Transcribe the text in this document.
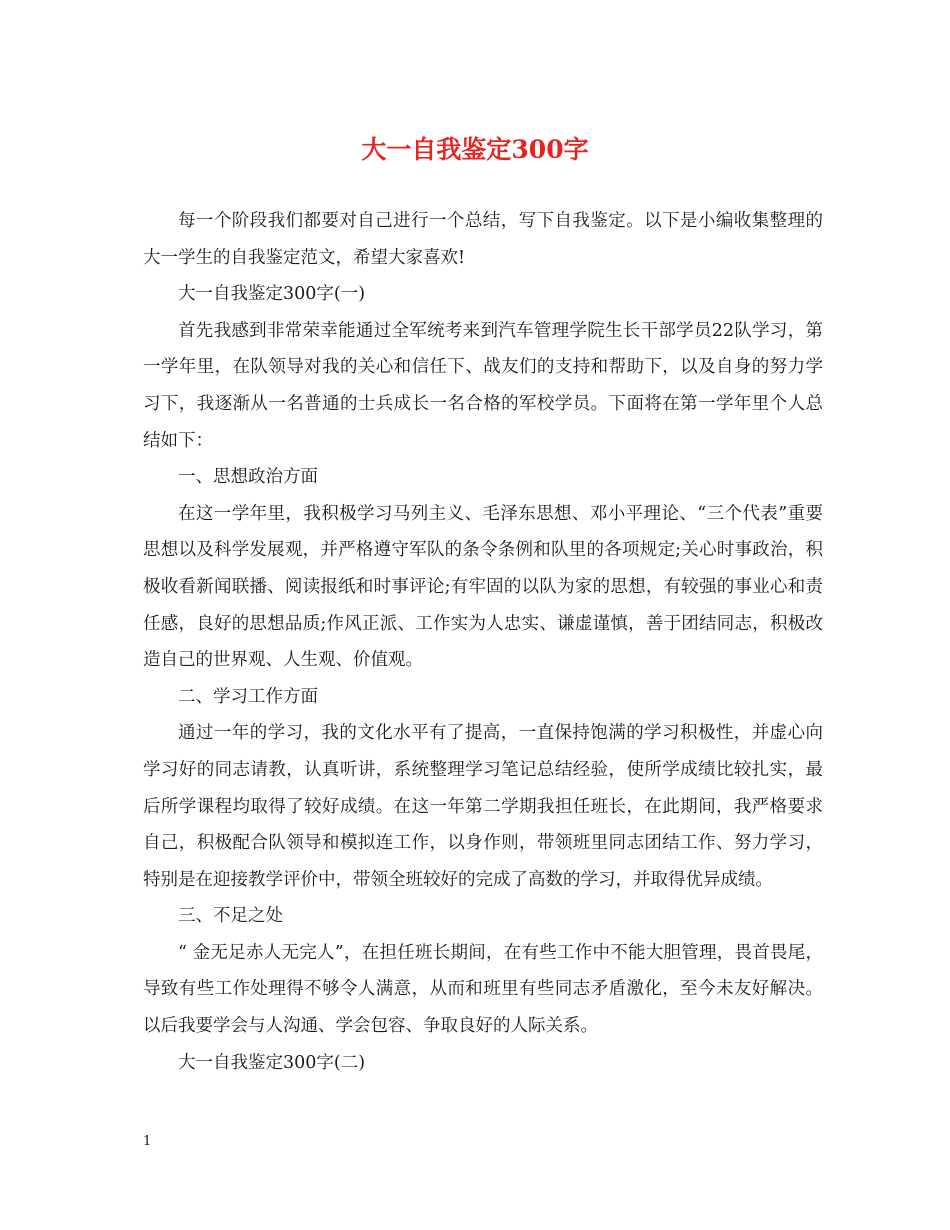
大一自我鉴定300字

每一个阶段我们都要对自己进行一个总结，写下自我鉴定。以下是小编收集整理的大一学生的自我鉴定范文，希望大家喜欢!

大一自我鉴定300字(一)

首先我感到非常荣幸能通过全军统考来到汽车管理学院生长干部学员22队学习，第一学年里，在队领导对我的关心和信任下、战友们的支持和帮助下，以及自身的努力学习下，我逐渐从一名普通的士兵成长一名合格的军校学员。下面将在第一学年里个人总结如下：

一、思想政治方面

在这一学年里，我积极学习马列主义、毛泽东思想、邓小平理论、“三个代表”重要思想以及科学发展观，并严格遵守军队的条令条例和队里的各项规定;关心时事政治，积极收看新闻联播、阅读报纸和时事评论;有牢固的以队为家的思想，有较强的事业心和责任感，良好的思想品质;作风正派、工作实为人忠实、谦虚谨慎，善于团结同志，积极改造自己的世界观、人生观、价值观。

二、学习工作方面

通过一年的学习，我的文化水平有了提高，一直保持饱满的学习积极性，并虚心向学习好的同志请教，认真听讲，系统整理学习笔记总结经验，使所学成绩比较扎实，最后所学课程均取得了较好成绩。在这一年第二学期我担任班长，在此期间，我严格要求自己，积极配合队领导和模拟连工作，以身作则，带领班里同志团结工作、努力学习，特别是在迎接教学评价中，带领全班较好的完成了高数的学习，并取得优异成绩。

三、不足之处

“ 金无足赤人无完人”，在担任班长期间，在有些工作中不能大胆管理，畏首畏尾，导致有些工作处理得不够令人满意，从而和班里有些同志矛盾激化，至今未友好解决。以后我要学会与人沟通、学会包容、争取良好的人际关系。

大一自我鉴定300字(二)

1
